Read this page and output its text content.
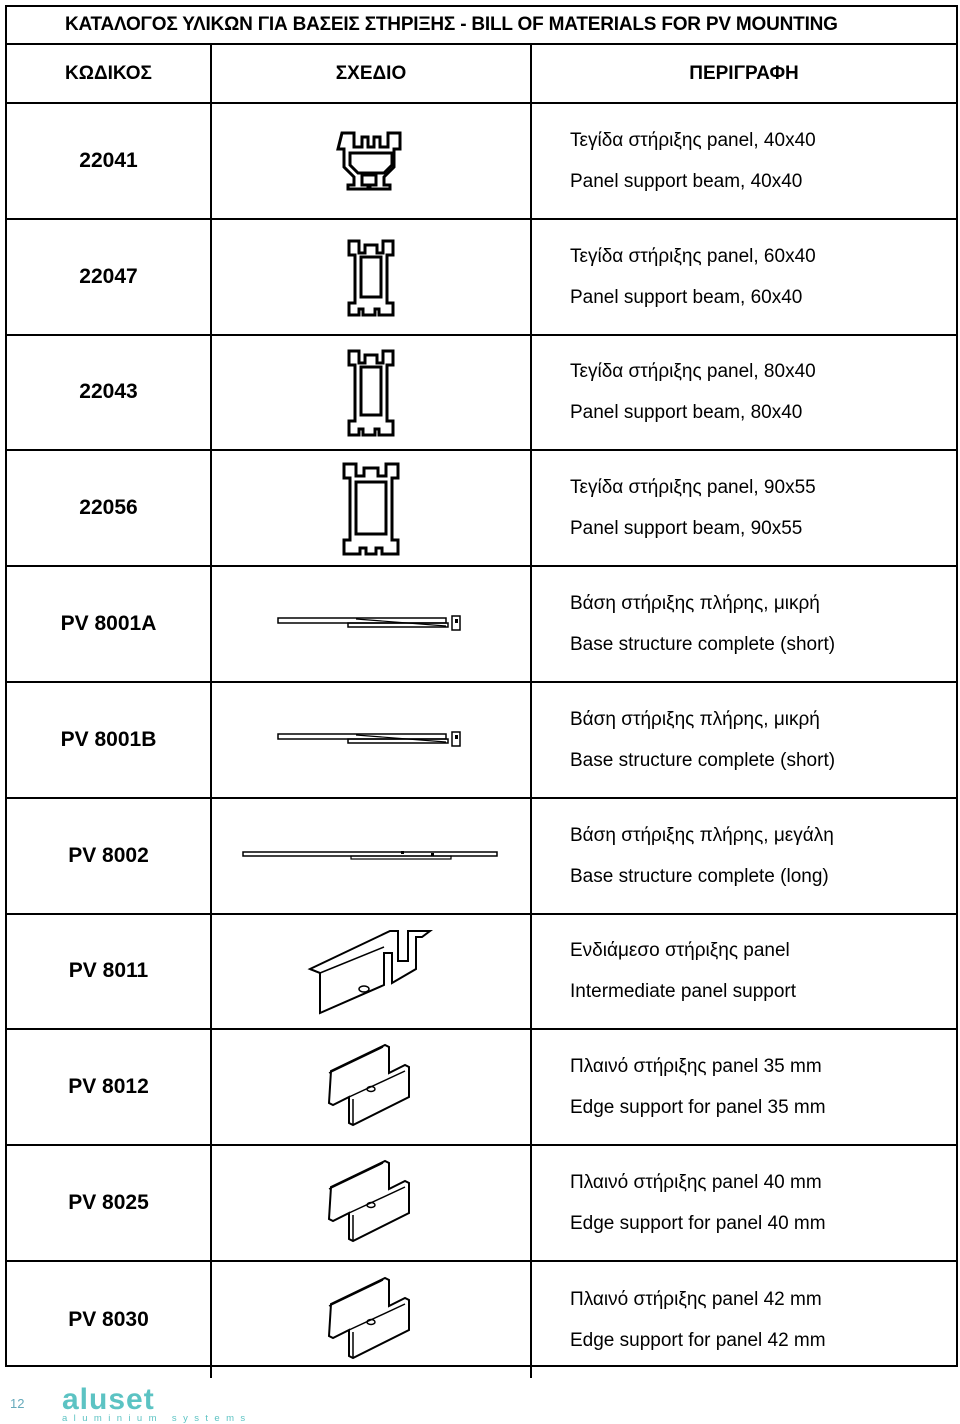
ΚΑΤΑΛΟΓΟΣ ΥΛΙΚΩΝ ΓΙΑ ΒΑΣΕΙΣ ΣΤΗΡΙΞΗΣ - BILL OF MATERIALS FOR PV MOUNTING
ΚΩΔΙΚΟΣ	ΣΧΕΔΙΟ	ΠΕΡΙΓΡΑΦΗ
22041
Τεγίδα στήριξης panel, 40x40
Panel support beam, 40x40
22047
Τεγίδα στήριξης panel, 60x40
Panel support beam, 60x40
22043
Τεγίδα στήριξης panel, 80x40
Panel support beam, 80x40
22056
Τεγίδα στήριξης panel, 90x55
Panel support beam, 90x55
PV 8001A
Βάση στήριξης πλήρης, μικρή
Base structure complete (short)
PV 8001B
Βάση στήριξης πλήρης, μικρή
Base structure complete (short)
PV 8002
Βάση στήριξης πλήρης, μεγάλη
Base structure complete (long)
PV 8011
Ενδιάμεσο στήριξης panel
Intermediate panel support
PV 8012
Πλαινό στήριξης panel 35 mm
Edge support for panel 35 mm
PV 8025
Πλαινό στήριξης panel 40 mm
Edge support for panel 40 mm
PV 8030
Πλαινό στήριξης panel 42 mm
Edge support for panel 42 mm
12 aluset
aluminium systems
